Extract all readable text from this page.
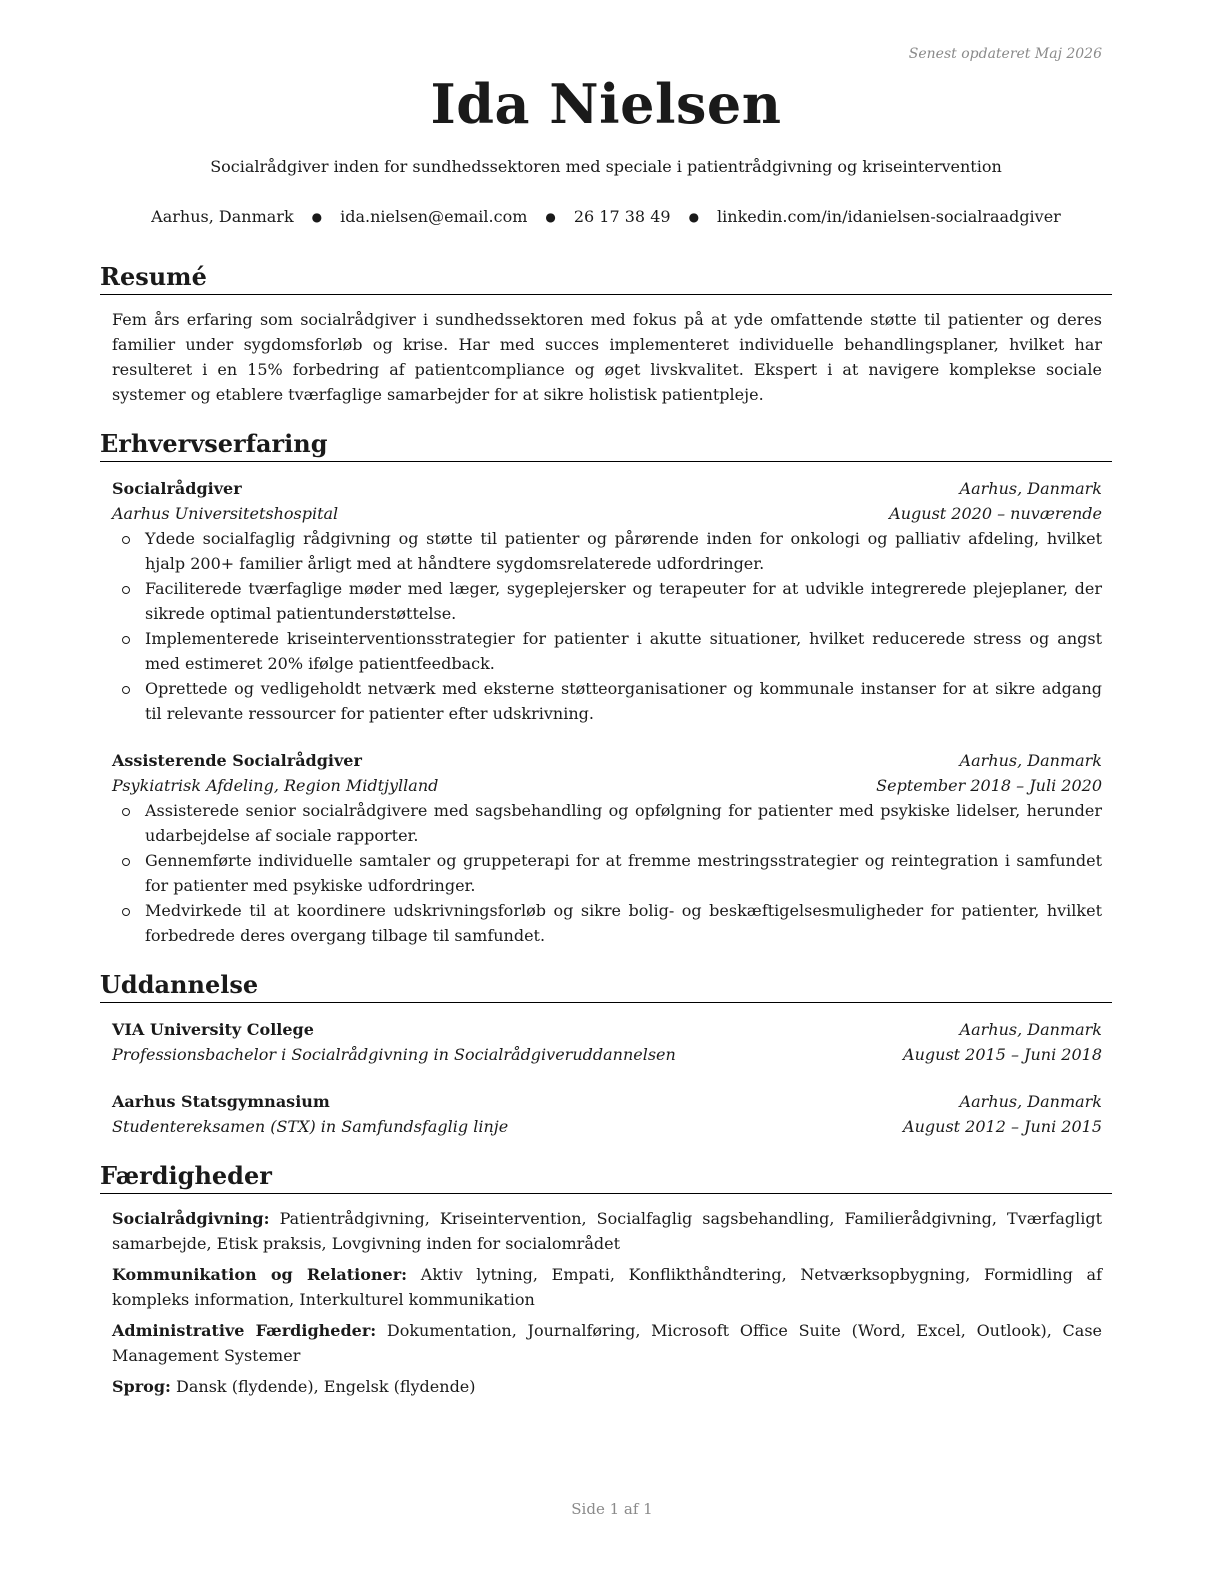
Senest opdateret Maj 2026
Ida Nielsen
Socialrådgiver inden for sundhedssektoren med speciale i patientrådgivning og kriseintervention
Aarhus, Danmark ● ida.nielsen@email.com ● 26 17 38 49 ● linkedin.com/in/idanielsen-socialraadgiver
Resumé
Fem års erfaring som socialrådgiver i sundhedssektoren med fokus på at yde omfattende støtte til patienter og deres familier under sygdomsforløb og krise. Har med succes implementeret individuelle behandlingsplaner, hvilket har resulteret i en 15% forbedring af patientcompliance og øget livskvalitet. Ekspert i at navigere komplekse sociale systemer og etablere tværfaglige samarbejder for at sikre holistisk patientpleje.
Erhvervserfaring
Socialrådgiver	Aarhus, Danmark
Aarhus Universitetshospital	August 2020 – nuværende
Ydede socialfaglig rådgivning og støtte til patienter og pårørende inden for onkologi og palliativ afdeling, hvilket hjalp 200+ familier årligt med at håndtere sygdomsrelaterede udfordringer.
Faciliterede tværfaglige møder med læger, sygeplejersker og terapeuter for at udvikle integrerede plejeplaner, der sikrede optimal patientunderstøttelse.
Implementerede kriseinterventionsstrategier for patienter i akutte situationer, hvilket reducerede stress og angst med estimeret 20% ifølge patientfeedback.
Oprettede og vedligeholdt netværk med eksterne støtteorganisationer og kommunale instanser for at sikre adgang til relevante ressourcer for patienter efter udskrivning.
Assisterende Socialrådgiver	Aarhus, Danmark
Psykiatrisk Afdeling, Region Midtjylland	September 2018 – Juli 2020
Assisterede senior socialrådgivere med sagsbehandling og opfølgning for patienter med psykiske lidelser, herunder udarbejdelse af sociale rapporter.
Gennemførte individuelle samtaler og gruppeterapi for at fremme mestringsstrategier og reintegration i samfundet for patienter med psykiske udfordringer.
Medvirkede til at koordinere udskrivningsforløb og sikre bolig- og beskæftigelsesmuligheder for patienter, hvilket forbedrede deres overgang tilbage til samfundet.
Uddannelse
VIA University College	Aarhus, Danmark
Professionsbachelor i Socialrådgivning in Socialrådgiveruddannelsen	August 2015 – Juni 2018
Aarhus Statsgymnasium	Aarhus, Danmark
Studentereksamen (STX) in Samfundsfaglig linje	August 2012 – Juni 2015
Færdigheder
Socialrådgivning: Patientrådgivning, Kriseintervention, Socialfaglig sagsbehandling, Familierådgivning, Tværfagligt samarbejde, Etisk praksis, Lovgivning inden for socialområdet
Kommunikation og Relationer: Aktiv lytning, Empati, Konflikthåndtering, Netværksopbygning, Formidling af kompleks information, Interkulturel kommunikation
Administrative Færdigheder: Dokumentation, Journalføring, Microsoft Office Suite (Word, Excel, Outlook), Case Management Systemer
Sprog: Dansk (flydende), Engelsk (flydende)
Side 1 af 1
